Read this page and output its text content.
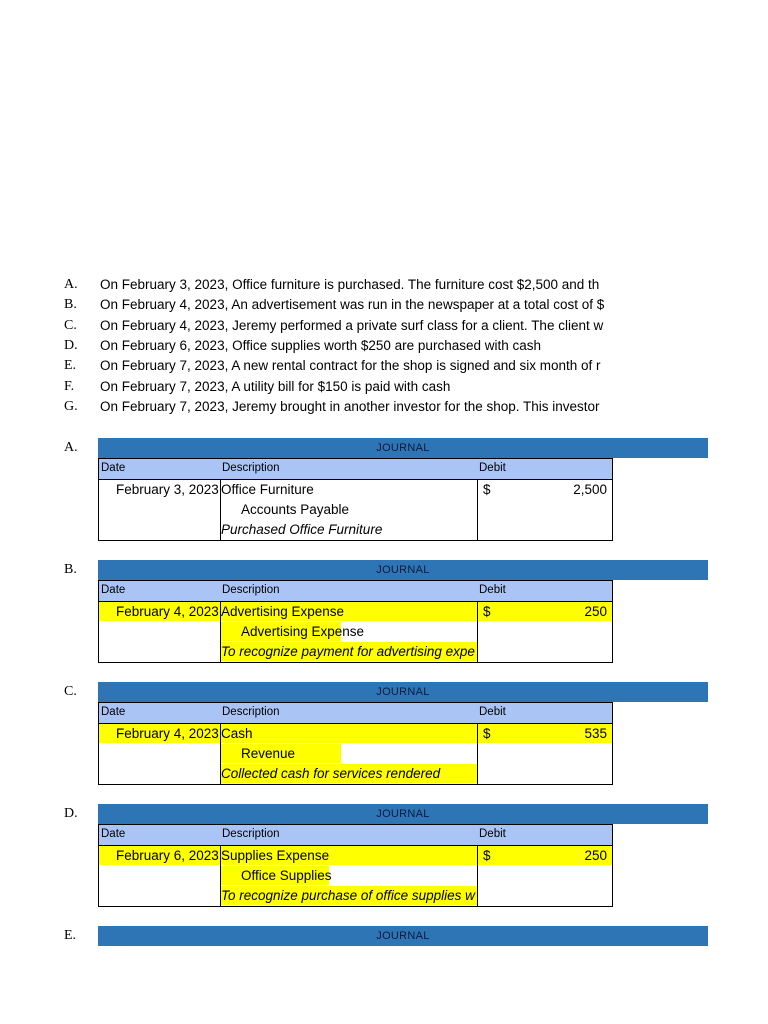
A. On February 3, 2023, Office furniture is purchased. The furniture cost $2,500 and th
B. On February 4, 2023, An advertisement was run in the newspaper at a total cost of $
C. On February 4, 2023, Jeremy performed a private surf class for a client. The client w
D. On February 6, 2023, Office supplies worth $250 are purchased with cash
E. On February 7, 2023, A new rental contract for the shop is signed and six month of r
F. On February 7, 2023, A utility bill for $150 is paid with cash
G. On February 7, 2023, Jeremy brought in another investor for the shop. This investor
A.	JOURNAL
Date	Description	Debit
February 3, 2023 Office Furniture	$	2,500
Accounts Payable
Purchased Office Furniture
B.	JOURNAL
Date	Description	Debit
February 4, 2023 Advertising Expense	$	250
Advertising Expense
To recognize payment for advertising expe
C.	JOURNAL
Date	Description	Debit
February 4, 2023 Cash	$	535
Revenue
Collected cash for services rendered
D.	JOURNAL
Date	Description	Debit
February 6, 2023 Supplies Expense	$	250
Office Supplies
To recognize purchase of office supplies w
E.	JOURNAL
